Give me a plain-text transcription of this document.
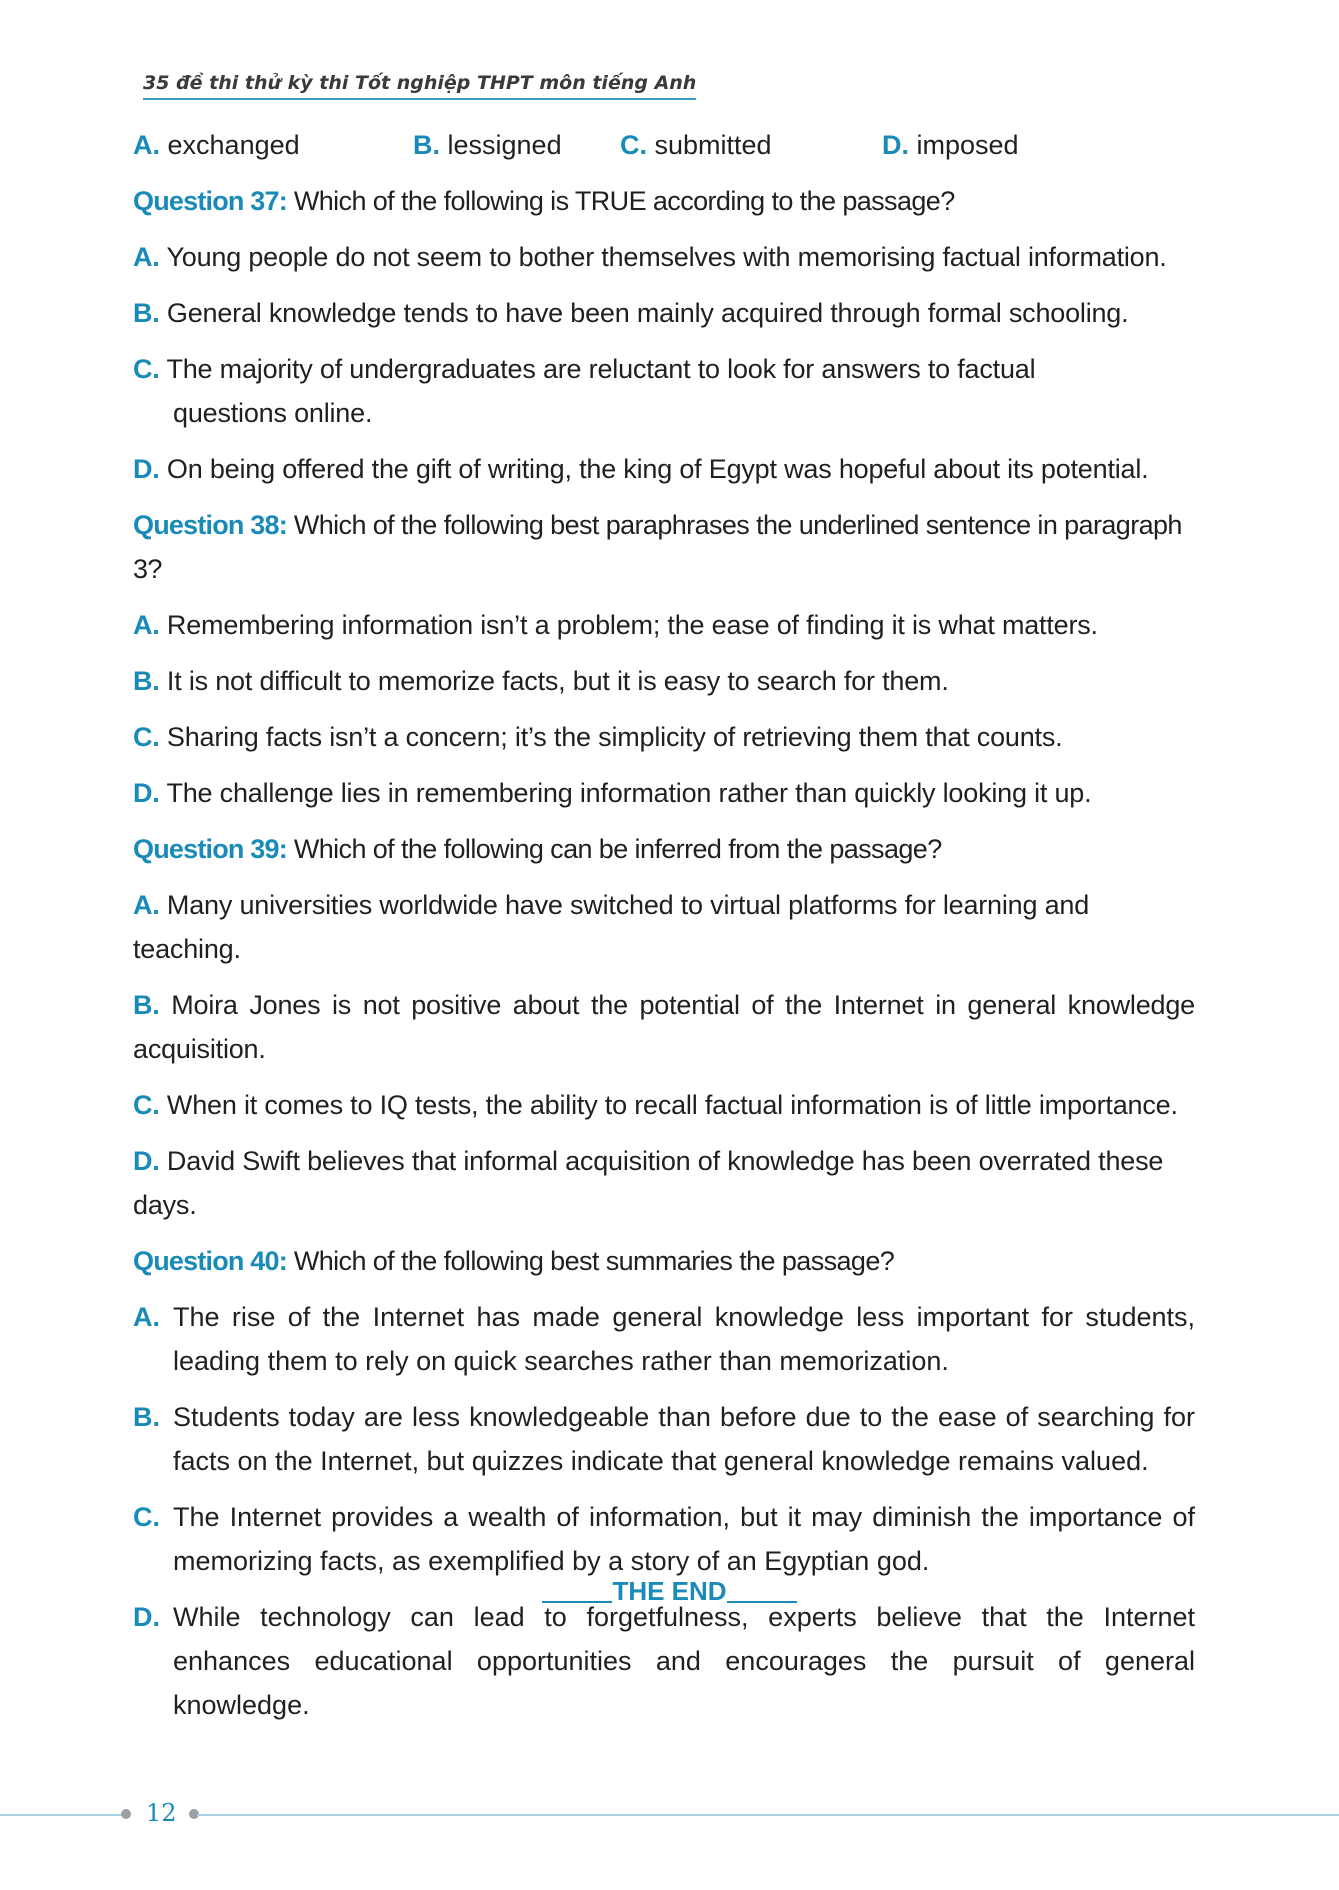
35 đề thi thử kỳ thi Tốt nghiệp THPT môn tiếng Anh
A. exchanged	B. lessigned	C. submitted	D. imposed
Question 37: Which of the following is TRUE according to the passage?
A. Young people do not seem to bother themselves with memorising factual information.
B. General knowledge tends to have been mainly acquired through formal schooling.
C. The majority of undergraduates are reluctant to look for answers to factual questions online.
D. On being offered the gift of writing, the king of Egypt was hopeful about its potential.
Question 38: Which of the following best paraphrases the underlined sentence in paragraph 3?
A. Remembering information isn’t a problem; the ease of finding it is what matters.
B. It is not difficult to memorize facts, but it is easy to search for them.
C. Sharing facts isn’t a concern; it’s the simplicity of retrieving them that counts.
D. The challenge lies in remembering information rather than quickly looking it up.
Question 39: Which of the following can be inferred from the passage?
A. Many universities worldwide have switched to virtual platforms for learning and teaching.
B. Moira Jones is not positive about the potential of the Internet in general knowledge acquisition.
C. When it comes to IQ tests, the ability to recall factual information is of little importance.
D. David Swift believes that informal acquisition of knowledge has been overrated these days.
Question 40: Which of the following best summaries the passage?
A. The rise of the Internet has made general knowledge less important for students, leading them to rely on quick searches rather than memorization.
B. Students today are less knowledgeable than before due to the ease of searching for facts on the Internet, but quizzes indicate that general knowledge remains valued.
C. The Internet provides a wealth of information, but it may diminish the importance of memorizing facts, as exemplified by a story of an Egyptian god.
D. While technology can lead to forgetfulness, experts believe that the Internet enhances educational opportunities and encourages the pursuit of general knowledge.
THE END
12
